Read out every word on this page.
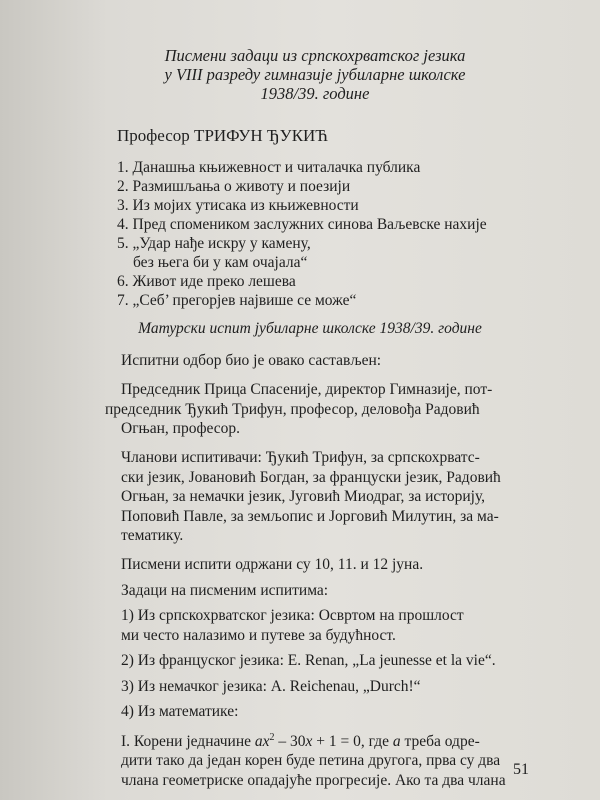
Писмени задаци из српскохрватског језика
у VIII разреду гимназије јубиларне школске
1938/39. године
Професор ТРИФУН ЂУКИЋ
1. Данашња књижевност и читалачка публика
2. Размишљања о животу и поезији
3. Из мојих утисака из књижевности
4. Пред спомеником заслужних синова Ваљевске нахије
5. „Удар нађе искру у камену,
без њега би у кам очајала“
6. Живот иде преко лешева
7. „Себ’ прегорјев највише се може“
Матурски испит јубиларне школске 1938/39. године

Испитни одбор био је овако састављен:

Председник Прица Спасеније, директор Гимназије, пот-
председник Ђукић Трифун, професор, деловођа Радовић
Огњан, професор.

Чланови испитивачи: Ђукић Трифун, за српскохрватс-
ски језик, Јовановић Богдан, за француски језик, Радовић
Огњан, за немачки језик, Југовић Миодраг, за историју,
Поповић Павле, за земљопис и Јорговић Милутин, за ма-
тематику.

Писмени испити одржани су 10, 11. и 12 јуна.

Задаци на писменим испитима:

1) Из српскохрватског језика: Освртом на прошлост
ми често налазимо и путеве за будућност.

2) Из француског језика: E. Renan, „La jeunesse et la vie“.

3) Из немачког језика: A. Reichenau, „Durch!“

4) Из математике:

I. Корени једначине $ax^2 - 30x + 1 = 0$, где a треба одре-
дити тако да један корен буде петина другога, прва су два
члана геометриске опадајуће прогресије. Ако та два члана

51
